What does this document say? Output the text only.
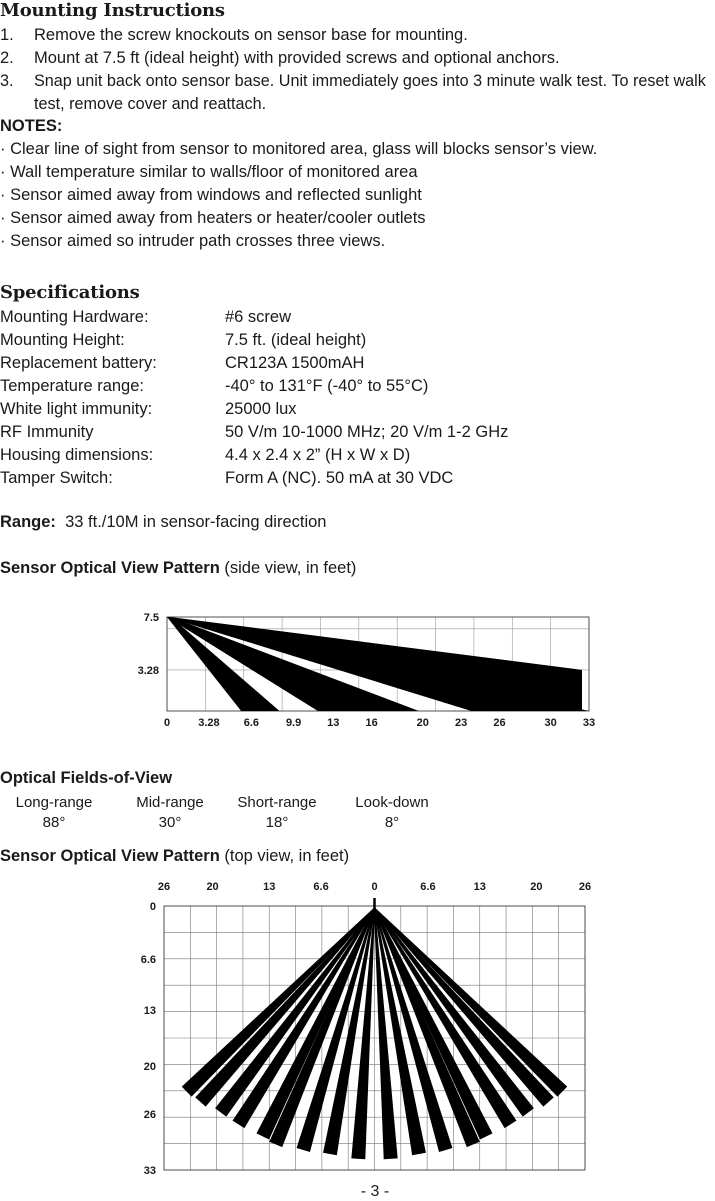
Mounting Instructions
1. Remove the screw knockouts on sensor base for mounting.
2. Mount at 7.5 ft (ideal height) with provided screws and optional anchors.
3. Snap unit back onto sensor base. Unit immediately goes into 3 minute walk test. To reset walk test, remove cover and reattach.
NOTES:
· Clear line of sight from sensor to monitored area, glass will blocks sensor’s view.
· Wall temperature similar to walls/floor of monitored area
· Sensor aimed away from windows and reflected sunlight
· Sensor aimed away from heaters or heater/cooler outlets
· Sensor aimed so intruder path crosses three views.
Specifications
Mounting Hardware:	#6 screw
Mounting Height:	7.5 ft. (ideal height)
Replacement battery:	CR123A 1500mAH
Temperature range:	-40° to 131°F (-40° to 55°C)
White light immunity:	25000 lux
RF Immunity	50 V/m 10-1000 MHz; 20 V/m 1-2 GHz
Housing dimensions:	4.4 x 2.4 x 2” (H x W x D)
Tamper Switch:	Form A (NC). 50 mA at 30 VDC
Range: 33 ft./10M in sensor-facing direction
Sensor Optical View Pattern (side view, in feet)
0	3.28 6.6 9.9 13 16	20 23 26	30 33
7.5
3.28
Optical Fields-of-View
Long-range
88°
Mid-range
30°
Short-range
18°
Look-down
8°
Sensor Optical View Pattern (top view, in feet)
26	20	13	6.6	0	6.6	13	20	26
0
6.6
13
20
26
33
- 3 -
